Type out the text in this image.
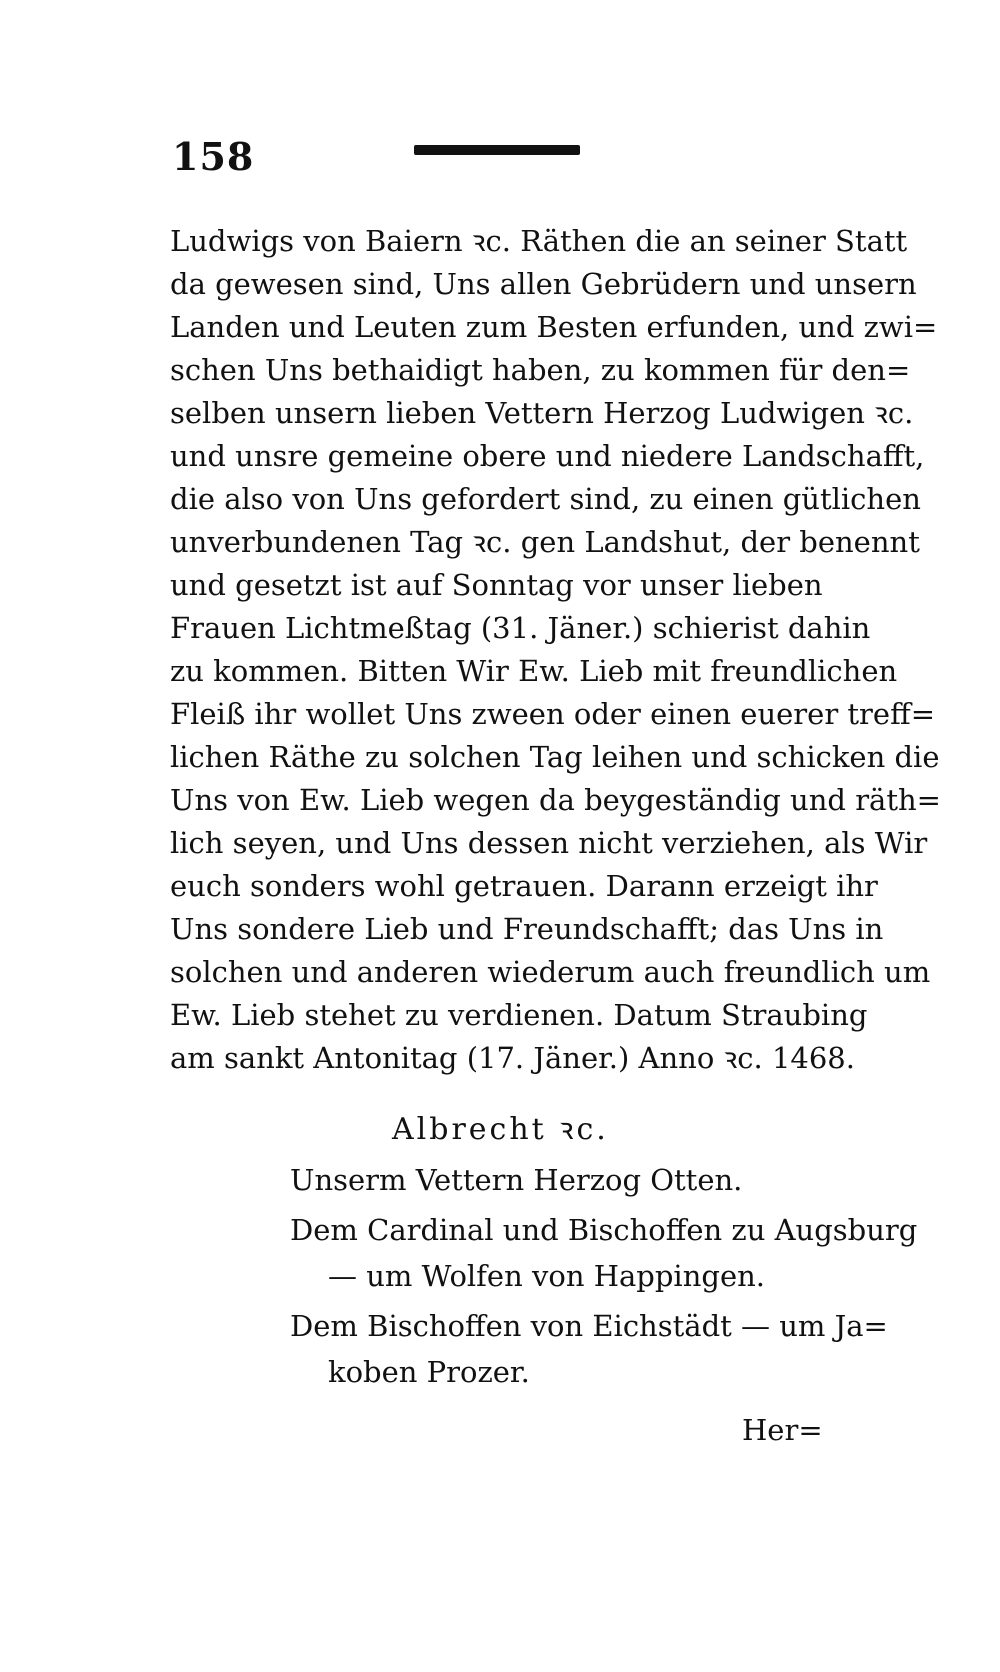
158
Ludwigs von Baiern ꝛc. Räthen die an seiner Statt
da gewesen sind, Uns allen Gebrüdern und unsern
Landen und Leuten zum Besten erfunden, und zwi=
schen Uns bethaidigt haben, zu kommen für den=
selben unsern lieben Vettern Herzog Ludwigen ꝛc.
und unsre gemeine obere und niedere Landschafft,
die also von Uns gefordert sind, zu einen gütlichen
unverbundenen Tag ꝛc. gen Landshut, der benennt
und gesetzt ist auf Sonntag vor unser lieben
Frauen Lichtmeßtag (31. Jäner.) schierist dahin
zu kommen. Bitten Wir Ew. Lieb mit freundlichen
Fleiß ihr wollet Uns zween oder einen euerer treff=
lichen Räthe zu solchen Tag leihen und schicken die
Uns von Ew. Lieb wegen da beygeständig und räth=
lich seyen, und Uns dessen nicht verziehen, als Wir
euch sonders wohl getrauen. Darann erzeigt ihr
Uns sondere Lieb und Freundschafft; das Uns in
solchen und anderen wiederum auch freundlich um
Ew. Lieb stehet zu verdienen. Datum Straubing
am sankt Antonitag (17. Jäner.) Anno ꝛc. 1468.
Albrecht ꝛc.
Unserm Vettern Herzog Otten.
Dem Cardinal und Bischoffen zu Augsburg
— um Wolfen von Happingen.
Dem Bischoffen von Eichstädt — um Ja=
koben Prozer.
Her=
